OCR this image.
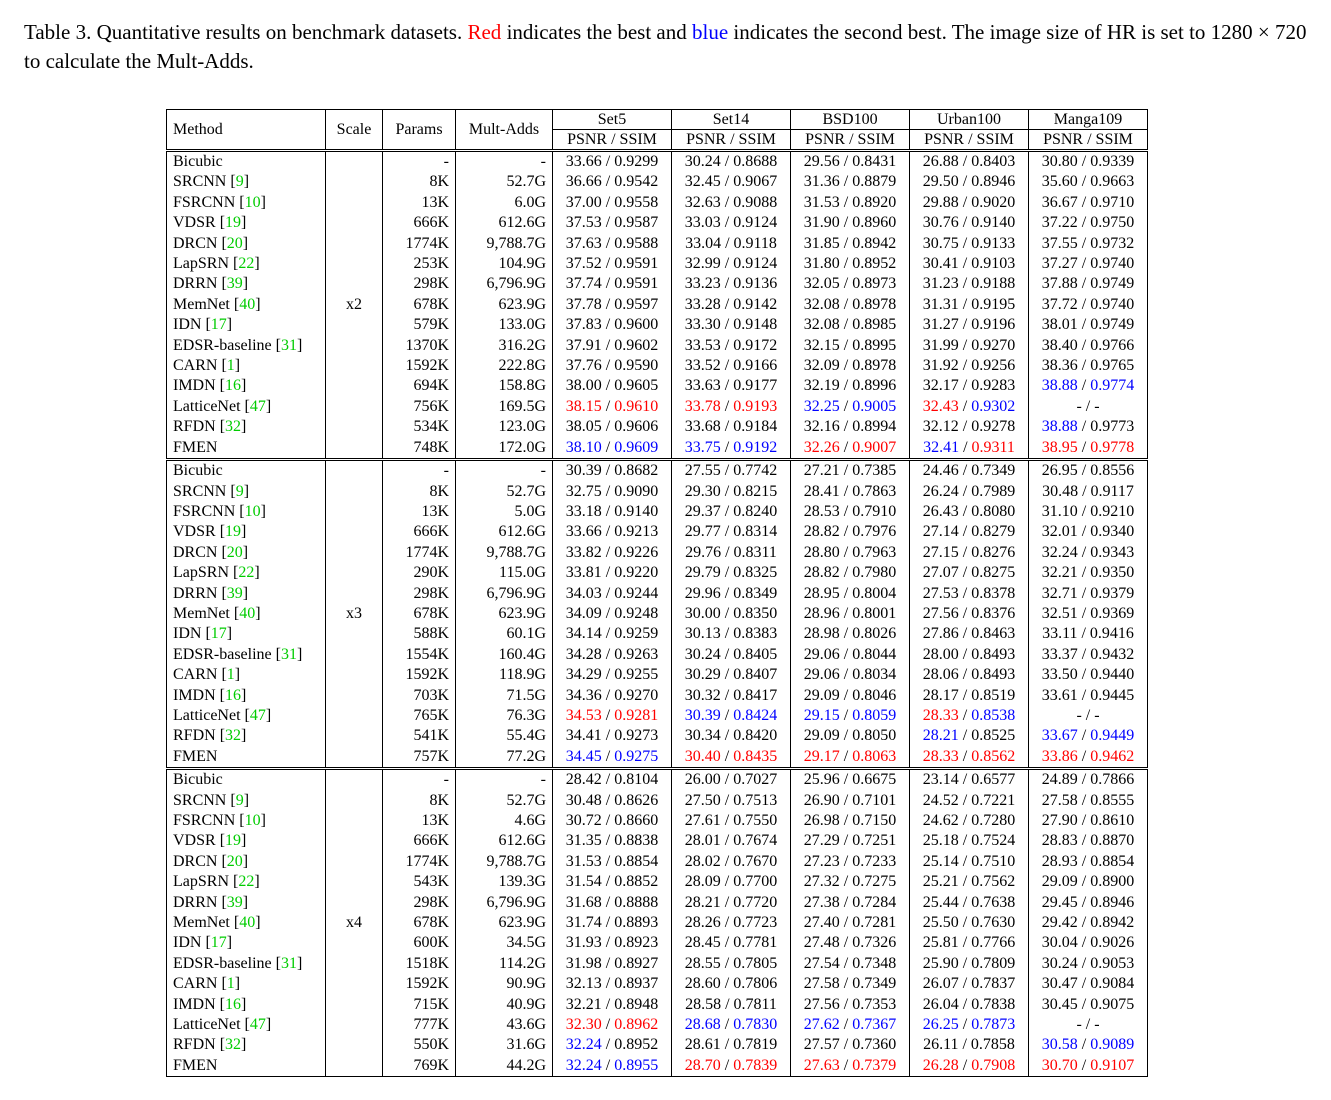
Table 3. Quantitative results on benchmark datasets. Red indicates the best and blue indicates the second best. The image size of HR is set to 1280 × 720 to calculate the Mult-Adds.

Method	Scale	Params	Mult-Adds	Set5	Set14	BSD100	Urban100	Manga109
				PSNR / SSIM	PSNR / SSIM	PSNR / SSIM	PSNR / SSIM	PSNR / SSIM
Bicubic	x2	-	-	33.66 / 0.9299	30.24 / 0.8688	29.56 / 0.8431	26.88 / 0.8403	30.80 / 0.9339
SRCNN [9]		8K	52.7G	36.66 / 0.9542	32.45 / 0.9067	31.36 / 0.8879	29.50 / 0.8946	35.60 / 0.9663
FSRCNN [10]		13K	6.0G	37.00 / 0.9558	32.63 / 0.9088	31.53 / 0.8920	29.88 / 0.9020	36.67 / 0.9710
VDSR [19]		666K	612.6G	37.53 / 0.9587	33.03 / 0.9124	31.90 / 0.8960	30.76 / 0.9140	37.22 / 0.9750
DRCN [20]		1774K	9,788.7G	37.63 / 0.9588	33.04 / 0.9118	31.85 / 0.8942	30.75 / 0.9133	37.55 / 0.9732
LapSRN [22]		253K	104.9G	37.52 / 0.9591	32.99 / 0.9124	31.80 / 0.8952	30.41 / 0.9103	37.27 / 0.9740
DRRN [39]		298K	6,796.9G	37.74 / 0.9591	33.23 / 0.9136	32.05 / 0.8973	31.23 / 0.9188	37.88 / 0.9749
MemNet [40]		678K	623.9G	37.78 / 0.9597	33.28 / 0.9142	32.08 / 0.8978	31.31 / 0.9195	37.72 / 0.9740
IDN [17]		579K	133.0G	37.83 / 0.9600	33.30 / 0.9148	32.08 / 0.8985	31.27 / 0.9196	38.01 / 0.9749
EDSR-baseline [31]		1370K	316.2G	37.91 / 0.9602	33.53 / 0.9172	32.15 / 0.8995	31.99 / 0.9270	38.40 / 0.9766
CARN [1]		1592K	222.8G	37.76 / 0.9590	33.52 / 0.9166	32.09 / 0.8978	31.92 / 0.9256	38.36 / 0.9765
IMDN [16]		694K	158.8G	38.00 / 0.9605	33.63 / 0.9177	32.19 / 0.8996	32.17 / 0.9283	38.88 / 0.9774
LatticeNet [47]		756K	169.5G	38.15 / 0.9610	33.78 / 0.9193	32.25 / 0.9005	32.43 / 0.9302	- / -
RFDN [32]		534K	123.0G	38.05 / 0.9606	33.68 / 0.9184	32.16 / 0.8994	32.12 / 0.9278	38.88 / 0.9773
FMEN		748K	172.0G	38.10 / 0.9609	33.75 / 0.9192	32.26 / 0.9007	32.41 / 0.9311	38.95 / 0.9778
Bicubic	x3	-	-	30.39 / 0.8682	27.55 / 0.7742	27.21 / 0.7385	24.46 / 0.7349	26.95 / 0.8556
SRCNN [9]		8K	52.7G	32.75 / 0.9090	29.30 / 0.8215	28.41 / 0.7863	26.24 / 0.7989	30.48 / 0.9117
FSRCNN [10]		13K	5.0G	33.18 / 0.9140	29.37 / 0.8240	28.53 / 0.7910	26.43 / 0.8080	31.10 / 0.9210
VDSR [19]		666K	612.6G	33.66 / 0.9213	29.77 / 0.8314	28.82 / 0.7976	27.14 / 0.8279	32.01 / 0.9340
DRCN [20]		1774K	9,788.7G	33.82 / 0.9226	29.76 / 0.8311	28.80 / 0.7963	27.15 / 0.8276	32.24 / 0.9343
LapSRN [22]		290K	115.0G	33.81 / 0.9220	29.79 / 0.8325	28.82 / 0.7980	27.07 / 0.8275	32.21 / 0.9350
DRRN [39]		298K	6,796.9G	34.03 / 0.9244	29.96 / 0.8349	28.95 / 0.8004	27.53 / 0.8378	32.71 / 0.9379
MemNet [40]		678K	623.9G	34.09 / 0.9248	30.00 / 0.8350	28.96 / 0.8001	27.56 / 0.8376	32.51 / 0.9369
IDN [17]		588K	60.1G	34.14 / 0.9259	30.13 / 0.8383	28.98 / 0.8026	27.86 / 0.8463	33.11 / 0.9416
EDSR-baseline [31]		1554K	160.4G	34.28 / 0.9263	30.24 / 0.8405	29.06 / 0.8044	28.00 / 0.8493	33.37 / 0.9432
CARN [1]		1592K	118.9G	34.29 / 0.9255	30.29 / 0.8407	29.06 / 0.8034	28.06 / 0.8493	33.50 / 0.9440
IMDN [16]		703K	71.5G	34.36 / 0.9270	30.32 / 0.8417	29.09 / 0.8046	28.17 / 0.8519	33.61 / 0.9445
LatticeNet [47]		765K	76.3G	34.53 / 0.9281	30.39 / 0.8424	29.15 / 0.8059	28.33 / 0.8538	- / -
RFDN [32]		541K	55.4G	34.41 / 0.9273	30.34 / 0.8420	29.09 / 0.8050	28.21 / 0.8525	33.67 / 0.9449
FMEN		757K	77.2G	34.45 / 0.9275	30.40 / 0.8435	29.17 / 0.8063	28.33 / 0.8562	33.86 / 0.9462
Bicubic	x4	-	-	28.42 / 0.8104	26.00 / 0.7027	25.96 / 0.6675	23.14 / 0.6577	24.89 / 0.7866
SRCNN [9]		8K	52.7G	30.48 / 0.8626	27.50 / 0.7513	26.90 / 0.7101	24.52 / 0.7221	27.58 / 0.8555
FSRCNN [10]		13K	4.6G	30.72 / 0.8660	27.61 / 0.7550	26.98 / 0.7150	24.62 / 0.7280	27.90 / 0.8610
VDSR [19]		666K	612.6G	31.35 / 0.8838	28.01 / 0.7674	27.29 / 0.7251	25.18 / 0.7524	28.83 / 0.8870
DRCN [20]		1774K	9,788.7G	31.53 / 0.8854	28.02 / 0.7670	27.23 / 0.7233	25.14 / 0.7510	28.93 / 0.8854
LapSRN [22]		543K	139.3G	31.54 / 0.8852	28.09 / 0.7700	27.32 / 0.7275	25.21 / 0.7562	29.09 / 0.8900
DRRN [39]		298K	6,796.9G	31.68 / 0.8888	28.21 / 0.7720	27.38 / 0.7284	25.44 / 0.7638	29.45 / 0.8946
MemNet [40]		678K	623.9G	31.74 / 0.8893	28.26 / 0.7723	27.40 / 0.7281	25.50 / 0.7630	29.42 / 0.8942
IDN [17]		600K	34.5G	31.93 / 0.8923	28.45 / 0.7781	27.48 / 0.7326	25.81 / 0.7766	30.04 / 0.9026
EDSR-baseline [31]		1518K	114.2G	31.98 / 0.8927	28.55 / 0.7805	27.54 / 0.7348	25.90 / 0.7809	30.24 / 0.9053
CARN [1]		1592K	90.9G	32.13 / 0.8937	28.60 / 0.7806	27.58 / 0.7349	26.07 / 0.7837	30.47 / 0.9084
IMDN [16]		715K	40.9G	32.21 / 0.8948	28.58 / 0.7811	27.56 / 0.7353	26.04 / 0.7838	30.45 / 0.9075
LatticeNet [47]		777K	43.6G	32.30 / 0.8962	28.68 / 0.7830	27.62 / 0.7367	26.25 / 0.7873	- / -
RFDN [32]		550K	31.6G	32.24 / 0.8952	28.61 / 0.7819	27.57 / 0.7360	26.11 / 0.7858	30.58 / 0.9089
FMEN		769K	44.2G	32.24 / 0.8955	28.70 / 0.7839	27.63 / 0.7379	26.28 / 0.7908	30.70 / 0.9107
